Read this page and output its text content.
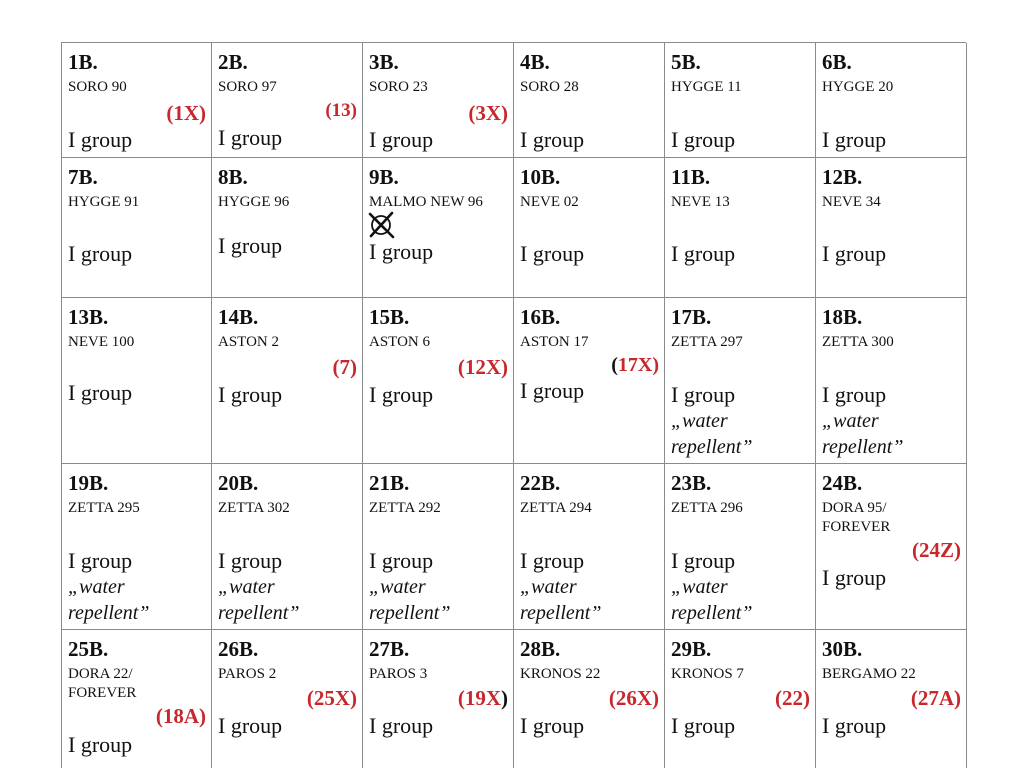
1B.
SORO 90
(1X)
I group
2B.
SORO 97
(13)
I group
3B.
SORO 23
(3X)
I group
4B.
SORO 28
I group
5B.
HYGGE 11
I group
6B.
HYGGE 20
I group
7B.
HYGGE 91
I group
8B.
HYGGE 96
I group
9B.
MALMO NEW 96
I group
10B.
NEVE 02
I group
11B.
NEVE 13
I group
12B.
NEVE 34
I group
13B.
NEVE 100
I group
14B.
ASTON 2
(7)
I group
15B.
ASTON 6
(12X)
I group
16B.
ASTON 17
(17X)
I group
17B.
ZETTA 297
I group
„water
repellent”
18B.
ZETTA 300
I group
„water
repellent”
19B.
ZETTA 295
I group
„water
repellent”
20B.
ZETTA 302
I group
„water
repellent”
21B.
ZETTA 292
I group
„water
repellent”
22B.
ZETTA 294
I group
„water
repellent”
23B.
ZETTA 296
I group
„water
repellent”
24B.
DORA 95/
FOREVER
(24Z)
I group
25B.
DORA 22/
FOREVER
(18A)
I group
26B.
PAROS 2
(25X)
I group
27B.
PAROS 3
(19X)
I group
28B.
KRONOS 22
(26X)
I group
29B.
KRONOS 7
(22)
I group
30B.
BERGAMO 22
(27A)
I group
